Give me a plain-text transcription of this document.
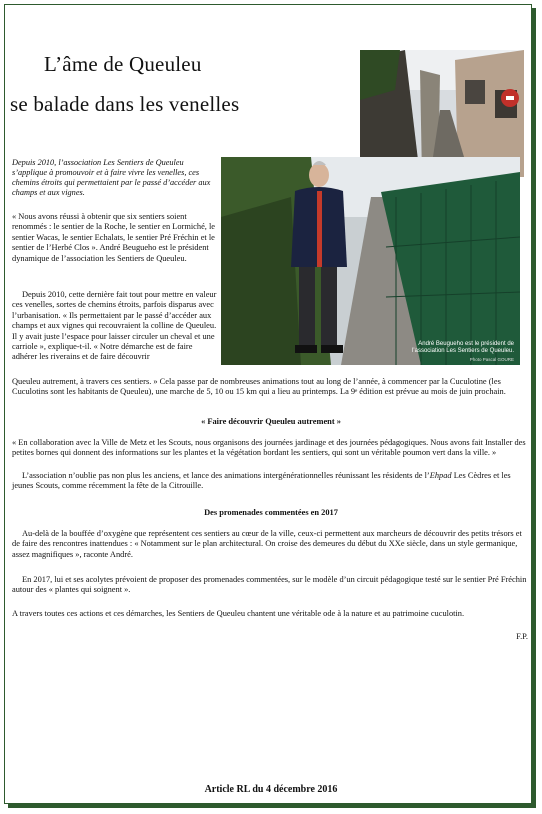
L’âme de Queuleu
se balade dans les venelles
André Beugueho est le président de l’association Les Sentiers de Queuleu.
Photo Pascal GOURE

Depuis 2010, l’association Les Sentiers de Queuleu s’applique à promouvoir et à faire vivre les venelles, ces chemins étroits qui permettaient par le passé d’accéder aux champs et aux vignes.

« Nous avons réussi à obtenir que six sentiers soient renommés : le sentier de la Roche, le sentier en Lormiché, le sentier Wacas, le sentier Echalats, le sentier Pré Fréchin et le sentier de l’Herbé Clos ». André Beugueho est le président dynamique de l’association les Sentiers de Queuleu.

Depuis 2010, cette dernière fait tout pour mettre en valeur ces venelles, sortes de chemins étroits, parfois disparus avec l’urbanisation. « Ils permettaient par le passé d’accéder aux champs et aux vignes qui recouvraient la colline de Queuleu. Il y avait juste l’espace pour laisser circuler un cheval et une carriole », explique-t-il. « Notre démarche est de faire adhérer les riverains et de faire découvrir

Queuleu autrement, à travers ces sentiers. » Cela passe par de nombreuses animations tout au long de l’année, à commencer par la Cuculotine (les Cuculotins sont les habitants de Queuleu), une marche de 5, 10 ou 15 km qui a lieu au printemps. La 9ᵉ édition est prévue au mois de juin prochain.

« Faire découvrir Queuleu autrement »

« En collaboration avec la Ville de Metz et les Scouts, nous organisons des journées jardinage et des journées pédagogiques. Nous avons fait Installer des petites bornes qui donnent des informations sur les plantes et la végétation bordant les sentiers, qui sont un véritable poumon vert dans la ville. »

L’association n’oublie pas non plus les anciens, et lance des animations intergénérationnelles réunissant les résidents de l’Ehpad Les Cèdres et les jeunes Scouts, comme récemment la fête de la Citrouille.

Des promenades commentées en 2017

Au-delà de la bouffée d’oxygène que représentent ces sentiers au cœur de la ville, ceux-ci permettent aux marcheurs de découvrir des petits trésors et de faire des rencontres inattendues : « Notamment sur le plan architectural. On croise des demeures du début du XXe siècle, dans un style germanique, assez magnifiques », raconte André.

En 2017, lui et ses acolytes prévoient de proposer des promenades commentées, sur le modèle d’un circuit pédagogique testé sur le sentier Pré Fréchin autour des « plantes qui soignent ».

A travers toutes ces actions et ces démarches, les Sentiers de Queuleu chantent une véritable ode à la nature et au patrimoine cuculotin.

F.P.
Article RL du 4 décembre 2016
